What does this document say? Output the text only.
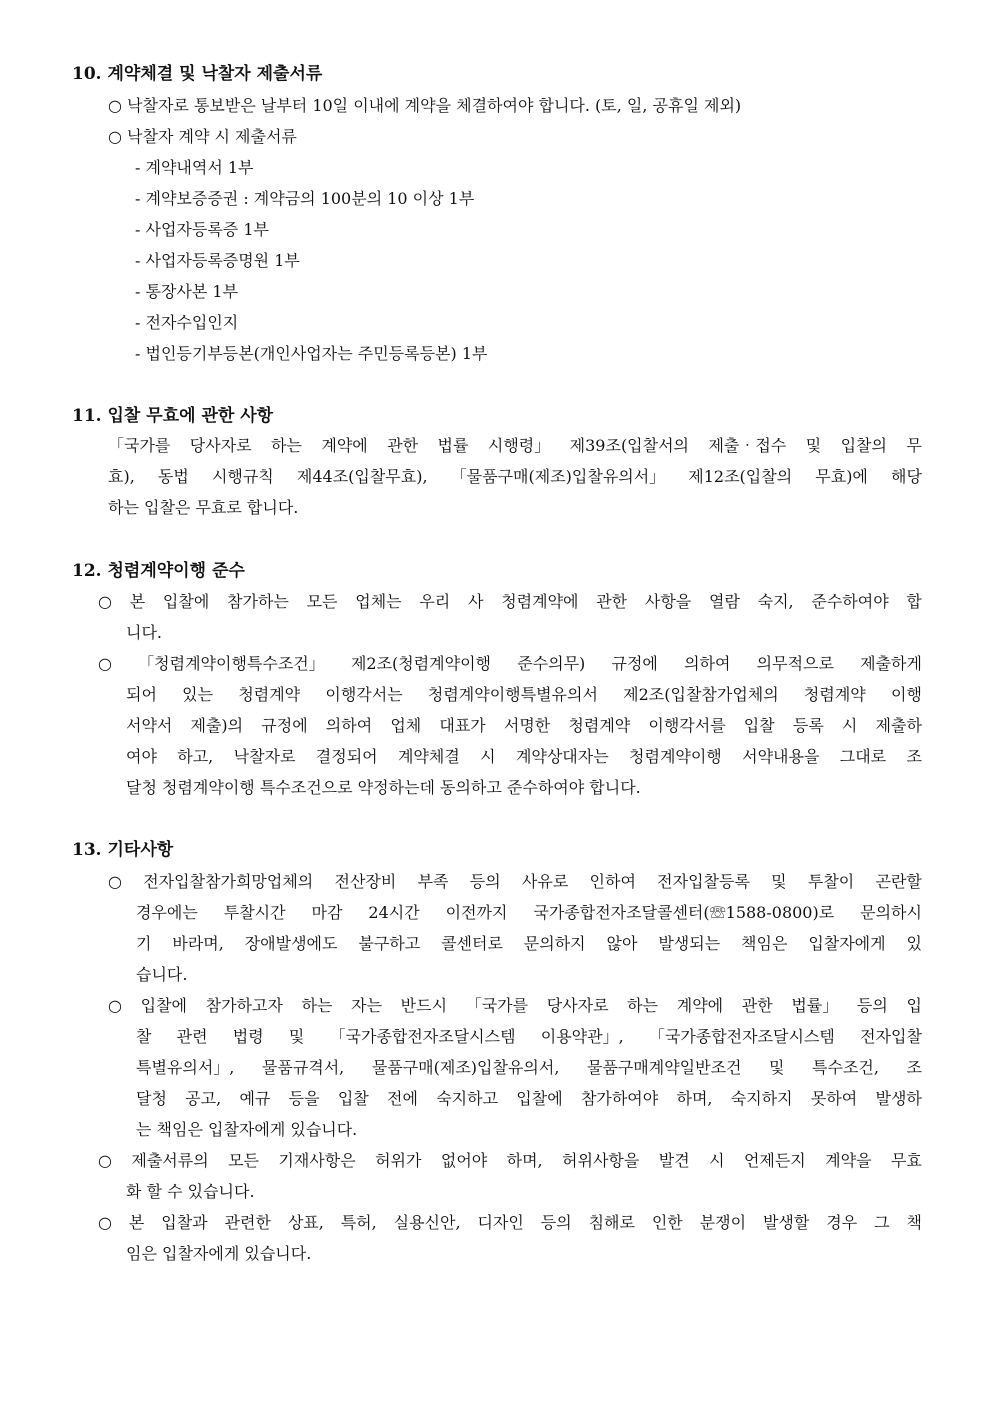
10. 계약체결 및 낙찰자 제출서류
○ 낙찰자로 통보받은 날부터 10일 이내에 계약을 체결하여야 합니다. (토, 일, 공휴일 제외)
○ 낙찰자 계약 시 제출서류
- 계약내역서 1부
- 계약보증증권 : 계약금의 100분의 10 이상 1부
- 사업자등록증 1부
- 사업자등록증명원 1부
- 통장사본 1부
- 전자수입인지
- 법인등기부등본(개인사업자는 주민등록등본) 1부
11. 입찰 무효에 관한 사항
「국가를 당사자로 하는 계약에 관한 법률 시행령」 제39조(입찰서의 제출‧접수 및 입찰의 무
효), 동법 시행규칙 제44조(입찰무효), 「물품구매(제조)입찰유의서」 제12조(입찰의 무효)에 해당
하는 입찰은 무효로 합니다.
12. 청렴계약이행 준수
○ 본 입찰에 참가하는 모든 업체는 우리 사 청렴계약에 관한 사항을 열람 숙지, 준수하여야 합
니다.
○ 「청렴계약이행특수조건」 제2조(청렴계약이행 준수의무) 규정에 의하여 의무적으로 제출하게
되어 있는 청렴계약 이행각서는 청렴계약이행특별유의서 제2조(입찰참가업체의 청렴계약 이행
서약서 제출)의 규정에 의하여 업체 대표가 서명한 청렴계약 이행각서를 입찰 등록 시 제출하
여야 하고, 낙찰자로 결정되어 계약체결 시 계약상대자는 청렴계약이행 서약내용을 그대로 조
달청 청렴계약이행 특수조건으로 약정하는데 동의하고 준수하여야 합니다.
13. 기타사항
○ 전자입찰참가희망업체의 전산장비 부족 등의 사유로 인하여 전자입찰등록 및 투찰이 곤란할
경우에는 투찰시간 마감 24시간 이전까지 국가종합전자조달콜센터(☏1588-0800)로 문의하시
기 바라며, 장애발생에도 불구하고 콜센터로 문의하지 않아 발생되는 책임은 입찰자에게 있
습니다.
○ 입찰에 참가하고자 하는 자는 반드시 「국가를 당사자로 하는 계약에 관한 법률」 등의 입
찰 관련 법령 및 「국가종합전자조달시스템 이용약관」, 「국가종합전자조달시스템 전자입찰
특별유의서」, 물품규격서, 물품구매(제조)입찰유의서, 물품구매계약일반조건 및 특수조건, 조
달청 공고, 예규 등을 입찰 전에 숙지하고 입찰에 참가하여야 하며, 숙지하지 못하여 발생하
는 책임은 입찰자에게 있습니다.
○ 제출서류의 모든 기재사항은 허위가 없어야 하며, 허위사항을 발견 시 언제든지 계약을 무효
화 할 수 있습니다.
○ 본 입찰과 관련한 상표, 특허, 실용신안, 디자인 등의 침해로 인한 분쟁이 발생할 경우 그 책
임은 입찰자에게 있습니다.
